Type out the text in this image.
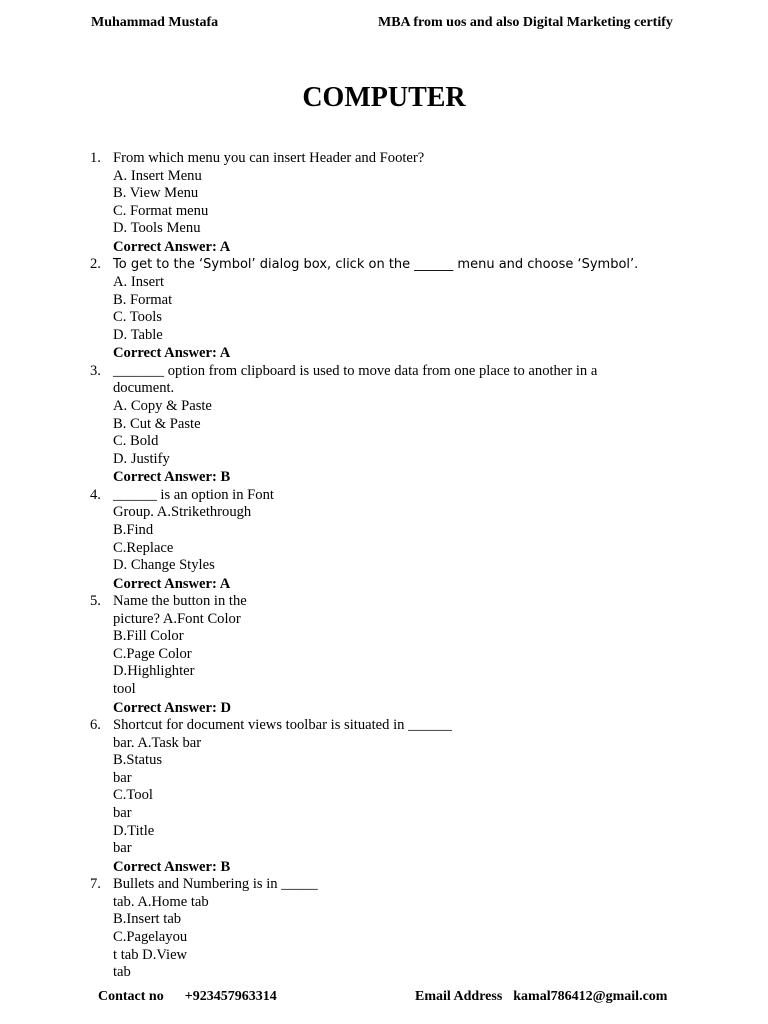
Muhammad Mustafa	MBA from uos and also Digital Marketing certify
COMPUTER
1. From which menu you can insert Header and Footer?
A. Insert Menu
B. View Menu
C. Format menu
D. Tools Menu
Correct Answer: A
2. To get to the ‘Symbol’ dialog box, click on the ______ menu and choose ‘Symbol’.
A. Insert
B. Format
C. Tools
D. Table
Correct Answer: A
3. _______ option from clipboard is used to move data from one place to another in a
document.
A. Copy & Paste
B. Cut & Paste
C. Bold
D. Justify
Correct Answer: B
4. ______ is an option in Font
Group. A.Strikethrough
B.Find
C.Replace
D. Change Styles
Correct Answer: A
5. Name the button in the
picture? A.Font Color
B.Fill Color
C.Page Color
D.Highlighter
tool
Correct Answer: D
6. Shortcut for document views toolbar is situated in ______
bar. A.Task bar
B.Status
bar
C.Tool
bar
D.Title
bar
Correct Answer: B
7. Bullets and Numbering is in _____
tab. A.Home tab
B.Insert tab
C.Pagelayou
t tab D.View
tab
Contact no +923457963314	Email Address kamal786412@gmail.com
